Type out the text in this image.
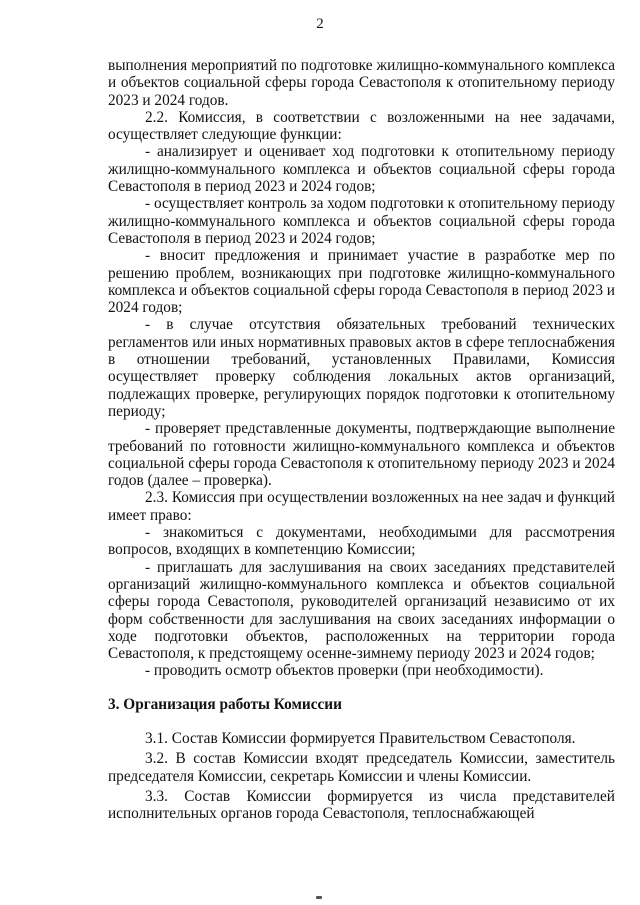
2

выполнения мероприятий по подготовке жилищно-коммунального комплекса и объектов социальной сферы города Севастополя к отопительному периоду 2023 и 2024 годов.

2.2. Комиссия, в соответствии с возложенными на нее задачами, осуществляет следующие функции:

- анализирует и оценивает ход подготовки к отопительному периоду жилищно-коммунального комплекса и объектов социальной сферы города Севастополя в период 2023 и 2024 годов;

- осуществляет контроль за ходом подготовки к отопительному периоду жилищно-коммунального комплекса и объектов социальной сферы города Севастополя в период 2023 и 2024 годов;

- вносит предложения и принимает участие в разработке мер по решению проблем, возникающих при подготовке жилищно-коммунального комплекса и объектов социальной сферы города Севастополя в период 2023 и 2024 годов;

- в случае отсутствия обязательных требований технических регламентов или иных нормативных правовых актов в сфере теплоснабжения в отношении требований, установленных Правилами, Комиссия осуществляет проверку соблюдения локальных актов организаций, подлежащих проверке, регулирующих порядок подготовки к отопительному периоду;

- проверяет представленные документы, подтверждающие выполнение требований по готовности жилищно-коммунального комплекса и объектов социальной сферы города Севастополя к отопительному периоду 2023 и 2024 годов (далее – проверка).

2.3. Комиссия при осуществлении возложенных на нее задач и функций имеет право:

- знакомиться с документами, необходимыми для рассмотрения вопросов, входящих в компетенцию Комиссии;

- приглашать для заслушивания на своих заседаниях представителей организаций жилищно-коммунального комплекса и объектов социальной сферы города Севастополя, руководителей организаций независимо от их форм собственности для заслушивания на своих заседаниях информации о ходе подготовки объектов, расположенных на территории города Севастополя, к предстоящему осенне-зимнему периоду 2023 и 2024 годов;

- проводить осмотр объектов проверки (при необходимости).

3. Организация работы Комиссии

3.1. Состав Комиссии формируется Правительством Севастополя.

3.2. В состав Комиссии входят председатель Комиссии, заместитель председателя Комиссии, секретарь Комиссии и члены Комиссии.

3.3. Состав Комиссии формируется из числа представителей исполнительных органов города Севастополя, теплоснабжающей
